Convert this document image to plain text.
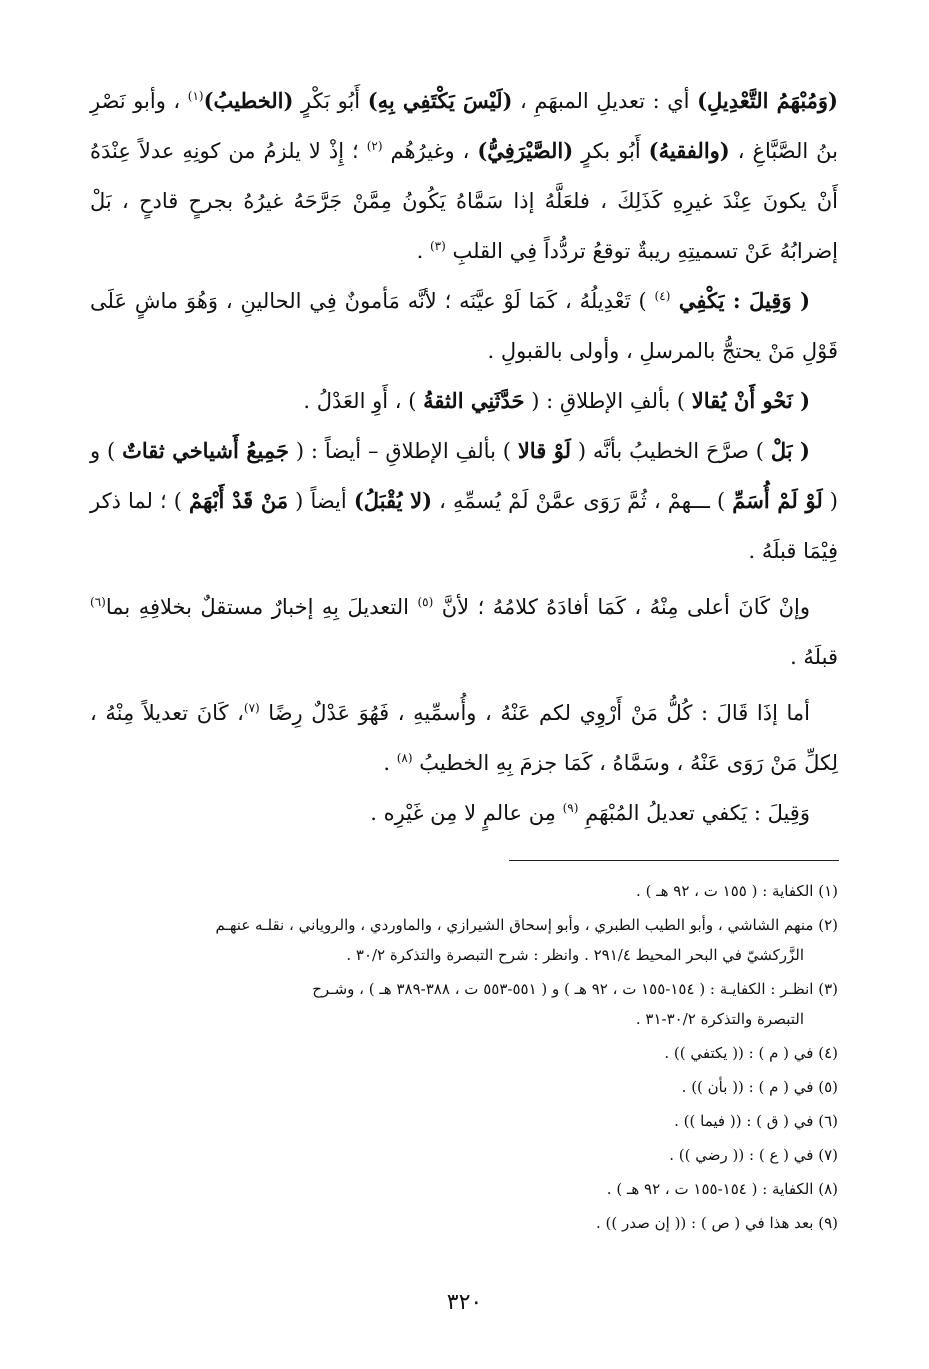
(وَمُبْهَمُ التَّعْدِيلِ) أي : تعديلِ المبهَمِ ، (لَيْسَ يَكْتَفِي بِهِ) أَبُو بَكْرٍ (الخطيبُ)$^{(١)}$ ، وأبو نَصْرِ بنُ الصَّبَّاغِ ، (والفقيهُ) أَبُو بكرٍ (الصَّيْرَفِيُّ) ، وغيرُهُم $^{(٢)}$ ؛ إِذْ لا يلزمُ من كونِهِ عدلاً عِنْدَهُ أَنْ يكونَ عِنْدَ غيرِهِ كَذَلِكَ ، فلعَلَّهُ إذا سَمَّاهُ يَكُونُ مِمَّنْ جَرَّحَهُ غيرُهُ بجرحٍ قادحٍ ، بَلْ إضرابُهُ عَنْ تسميتِهِ ريبةٌ توقعُ تردُّداً فِي القلبِ $^{(٣)}$ .

( وَقِيلَ : يَكْفِي $^{(٤)}$ ) تَعْدِيلُهُ ، كَمَا لَوْ عيَّنَه ؛ لأنَّه مَأمونٌ فِي الحالينِ ، وَهُوَ ماشٍ عَلَى قَوْلِ مَنْ يحتجُّ بالمرسلِ ، وأولى بالقبولِ .

( نَحْو أَنْ يُقالا ) بألفِ الإطلاقِ : ( حَدَّثَنِي الثقةُ ) ، أَوِ العَدْلُ .

( بَلْ ) صرَّحَ الخطيبُ بأنَّه ( لَوْ قالا ) بألفِ الإطلاقِ – أيضاً : ( جَمِيعُ أَشياخي ثقاتٌ ) و ( لَوْ لَمْ أُسَمِّ ) ـــهمْ ، ثُمَّ رَوَى عمَّنْ لَمْ يُسمِّهِ ، (لا يُقْبَلُ) أيضاً ( مَنْ قَدْ أَبْهَمْ ) ؛ لما ذكر فِيْمَا قبلَهُ .

وإنْ كَانَ أعلى مِنْهُ ، كَمَا أفادَهُ كلامُهُ ؛ لأنَّ $^{(٥)}$ التعديلَ بِهِ إخبارٌ مستقلٌ بخلافِهِ بما$^{(٦)}$ قبلَهُ .

أما إذَا قَالَ : كُلُّ مَنْ أَرْوِي لكم عَنْهُ ، وأُسمِّيهِ ، فَهُوَ عَدْلٌ رِضًا $^{(٧)}$، كَانَ تعديلاً مِنْهُ ، لِكلِّ مَنْ رَوَى عَنْهُ ، وسَمَّاهُ ، كَمَا جزمَ بِهِ الخطيبُ $^{(٨)}$ .

وَقِيلَ : يَكفي تعديلُ المُبْهَمِ $^{(٩)}$ مِن عالمٍ لا مِن غَيْرِه .

(١) الكفاية : ( ١٥٥ ت ، ٩٢ هـ ) .
(٢) منهم الشاشي ، وأبو الطيب الطبري ، وأبو إسحاق الشيرازي ، والماوردي ، والروياني ، نقلـه عنهـم
الزَّركشيّ في البحر المحيط ٢٩١/٤ . وانظر : شرح التبصرة والتذكرة ٣٠/٢ .
(٣) انظـر : الكفايـة : ( ١٥٤-١٥٥ ت ، ٩٢ هـ ) و ( ٥٥١-٥٥٣ ت ، ٣٨٨-٣٨٩ هـ ) ، وشـرح
التبصرة والتذكرة ٣٠/٢-٣١ .
(٤) في ( م ) : (( يكتفي )) .
(٥) في ( م ) : (( بأن )) .
(٦) في ( ق ) : (( فيما )) .
(٧) في ( ع ) : (( رضي )) .
(٨) الكفاية : ( ١٥٤-١٥٥ ت ، ٩٢ هـ ) .
(٩) بعد هذا في ( ص ) : (( إن صدر )) .
٣٢٠
